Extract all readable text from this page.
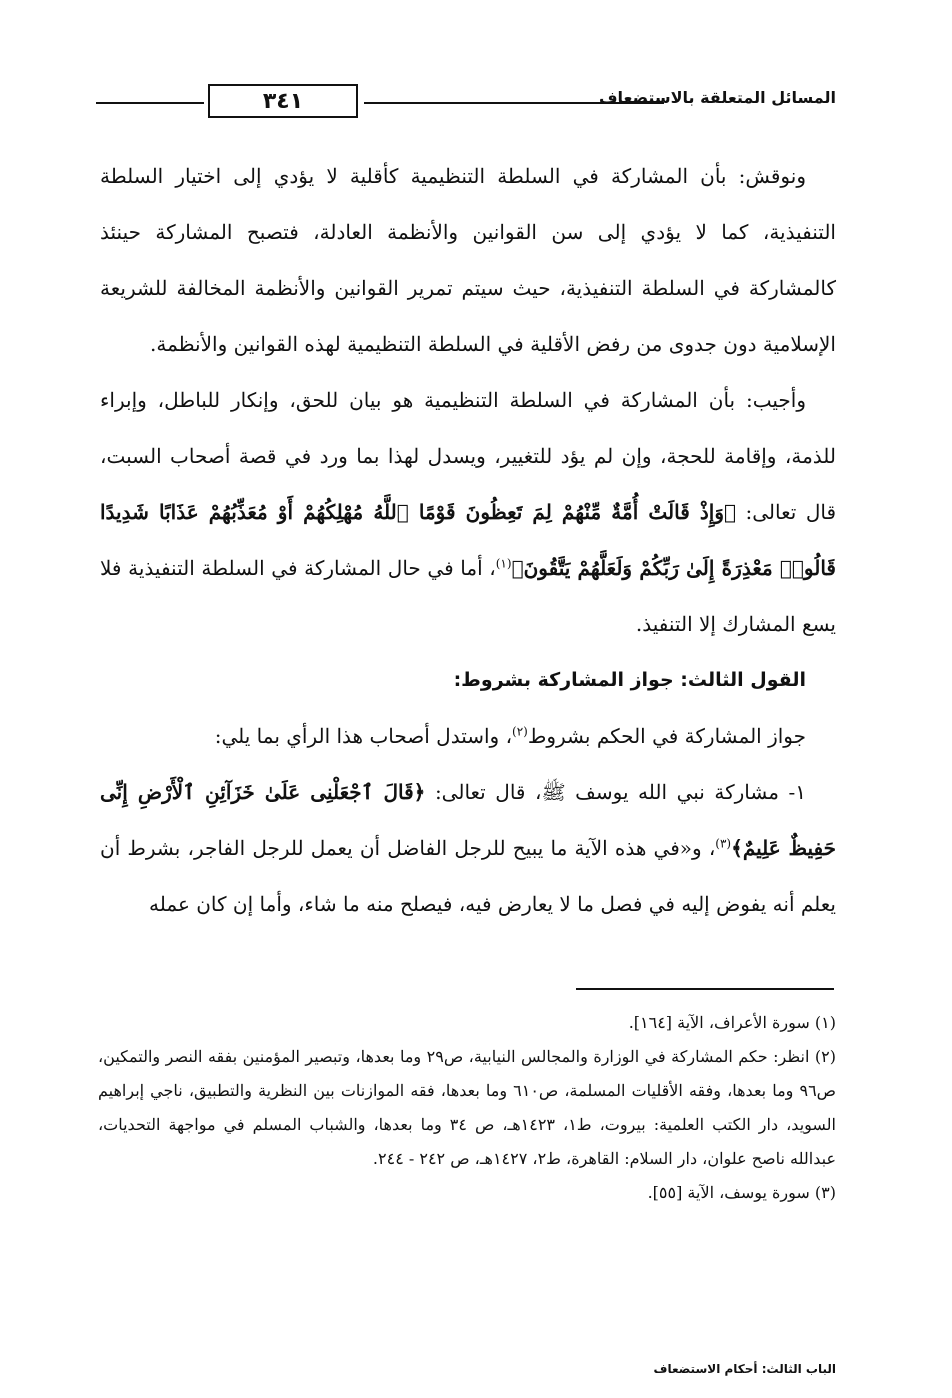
٣٤١	المسائل المتعلقة بالاستضعاف

ونوقش: بأن المشاركة في السلطة التنظيمية كأقلية لا يؤدي إلى اختيار السلطة التنفيذية، كما لا يؤدي إلى سن القوانين والأنظمة العادلة، فتصبح المشاركة حينئذ كالمشاركة في السلطة التنفيذية، حيث سيتم تمرير القوانين والأنظمة المخالفة للشريعة الإسلامية دون جدوى من رفض الأقلية في السلطة التنظيمية لهذه القوانين والأنظمة.

وأجيب: بأن المشاركة في السلطة التنظيمية هو بيان للحق، وإنكار للباطل، وإبراء للذمة، وإقامة للحجة، وإن لم يؤد للتغيير، ويسدل لهذا بما ورد في قصة أصحاب السبت، قال تعالى: ﴿وَإِذْ قَالَتْ أُمَّةٌ مِّنْهُمْ لِمَ تَعِظُونَ قَوْمًا ٱللَّهُ مُهْلِكُهُمْ أَوْ مُعَذِّبُهُمْ عَذَابًا شَدِيدًا قَالُوا۟ مَعْذِرَةً إِلَىٰ رَبِّكُمْ وَلَعَلَّهُمْ يَتَّقُونَ﴾$^{(١)}$، أما في حال المشاركة في السلطة التنفيذية فلا يسع المشارك إلا التنفيذ.

القول الثالث: جواز المشاركة بشروط:

جواز المشاركة في الحكم بشروط$^{(٢)}$، واستدل أصحاب هذا الرأي بما يلي:

١- مشاركة نبي الله يوسف ﷺ، قال تعالى: ﴿قَالَ ٱجْعَلْنِى عَلَىٰ خَزَآئِنِ ٱلْأَرْضِ إِنِّى حَفِيظٌ عَلِيمٌ﴾$^{(٣)}$، و«في هذه الآية ما يبيح للرجل الفاضل أن يعمل للرجل الفاجر، بشرط أن يعلم أنه يفوض إليه في فصل ما لا يعارض فيه، فيصلح منه ما شاء، وأما إن كان عمله

(١) سورة الأعراف، الآية [١٦٤].

(٢) انظر: حكم المشاركة في الوزارة والمجالس النيابية، ص٢٩ وما بعدها، وتبصير المؤمنين بفقه النصر والتمكين، ص٩٦ وما بعدها، وفقه الأقليات المسلمة، ص٦١٠ وما بعدها، فقه الموازنات بين النظرية والتطبيق، ناجي إبراهيم السويد، دار الكتب العلمية: بيروت، ط١، ١٤٢٣هـ، ص ٣٤ وما بعدها، والشباب المسلم في مواجهة التحديات، عبدالله ناصح علوان، دار السلام: القاهرة، ط٢، ١٤٢٧هـ، ص ٢٤٢ - ٢٤٤.

(٣) سورة يوسف، الآية [٥٥].

الباب الثالث: أحكام الاستضعاف
